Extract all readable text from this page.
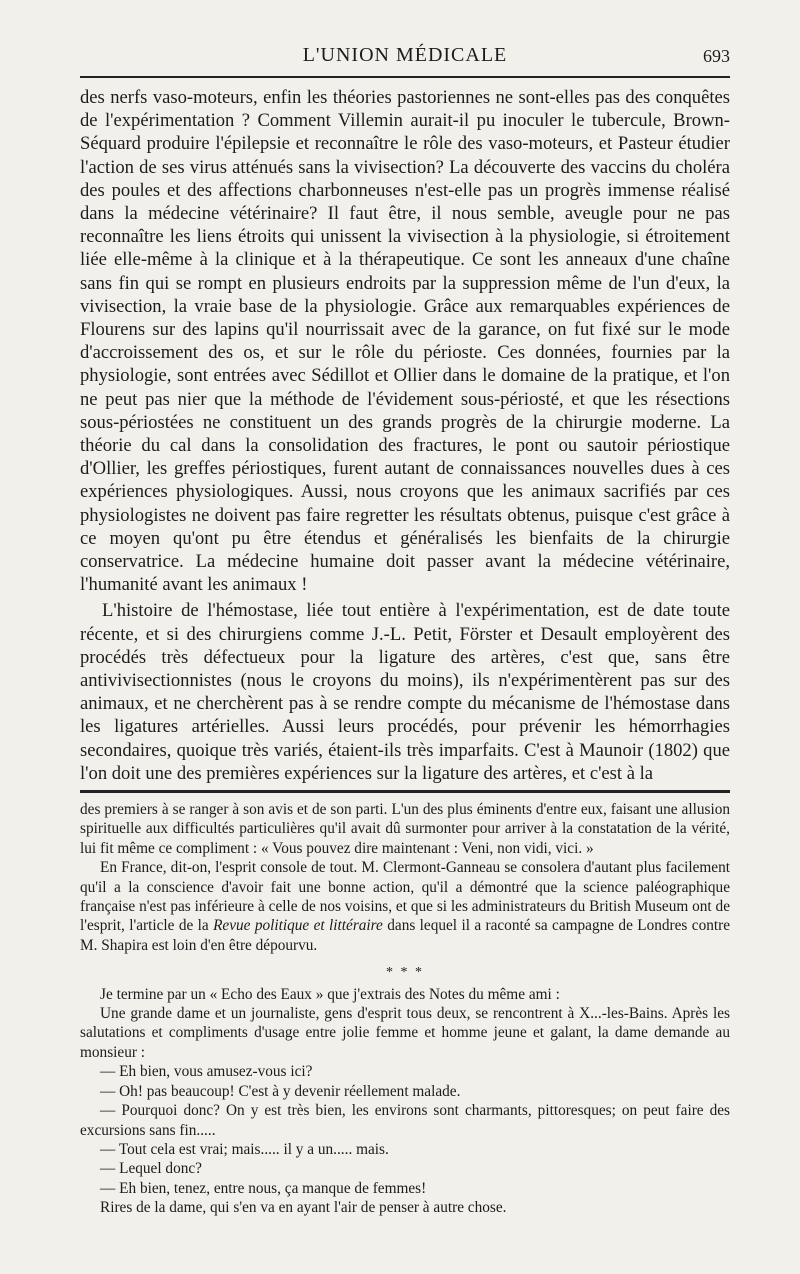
L'UNION MÉDICALE	693

des nerfs vaso-moteurs, enfin les théories pastoriennes ne sont-elles pas des conquêtes de l'expérimentation ? Comment Villemin aurait-il pu inoculer le tubercule, Brown-Séquard produire l'épilepsie et reconnaître le rôle des vaso-moteurs, et Pasteur étudier l'action de ses virus atténués sans la vivisection? La découverte des vaccins du choléra des poules et des affections charbonneuses n'est-elle pas un progrès immense réalisé dans la médecine vétérinaire? Il faut être, il nous semble, aveugle pour ne pas reconnaître les liens étroits qui unissent la vivisection à la physiologie, si étroitement liée elle-même à la clinique et à la thérapeutique. Ce sont les anneaux d'une chaîne sans fin qui se rompt en plusieurs endroits par la suppression même de l'un d'eux, la vivisection, la vraie base de la physiologie. Grâce aux remarquables expériences de Flourens sur des lapins qu'il nourrissait avec de la garance, on fut fixé sur le mode d'accroissement des os, et sur le rôle du périoste. Ces données, fournies par la physiologie, sont entrées avec Sédillot et Ollier dans le domaine de la pratique, et l'on ne peut pas nier que la méthode de l'évidement sous-périosté, et que les résections sous-périostées ne constituent un des grands progrès de la chirurgie moderne. La théorie du cal dans la consolidation des fractures, le pont ou sautoir périostique d'Ollier, les greffes périostiques, furent autant de connaissances nouvelles dues à ces expériences physiologiques. Aussi, nous croyons que les animaux sacrifiés par ces physiologistes ne doivent pas faire regretter les résultats obtenus, puisque c'est grâce à ce moyen qu'ont pu être étendus et généralisés les bienfaits de la chirurgie conservatrice. La médecine humaine doit passer avant la médecine vétérinaire, l'humanité avant les animaux !

L'histoire de l'hémostase, liée tout entière à l'expérimentation, est de date toute récente, et si des chirurgiens comme J.-L. Petit, Förster et Desault employèrent des procédés très défectueux pour la ligature des artères, c'est que, sans être antivivisectionnistes (nous le croyons du moins), ils n'expérimentèrent pas sur des animaux, et ne cherchèrent pas à se rendre compte du mécanisme de l'hémostase dans les ligatures artérielles. Aussi leurs procédés, pour prévenir les hémorrhagies secondaires, quoique très variés, étaient-ils très imparfaits. C'est à Maunoir (1802) que l'on doit une des premières expériences sur la ligature des artères, et c'est à la

des premiers à se ranger à son avis et de son parti. L'un des plus éminents d'entre eux, faisant une allusion spirituelle aux difficultés particulières qu'il avait dû surmonter pour arriver à la constatation de la vérité, lui fit même ce compliment : « Vous pouvez dire maintenant : Veni, non vidi, vici. »

En France, dit-on, l'esprit console de tout. M. Clermont-Ganneau se consolera d'autant plus facilement qu'il a la conscience d'avoir fait une bonne action, qu'il a démontré que la science paléographique française n'est pas inférieure à celle de nos voisins, et que si les administrateurs du British Museum ont de l'esprit, l'article de la Revue politique et littéraire dans lequel il a raconté sa campagne de Londres contre M. Shapira est loin d'en être dépourvu.

* * *

Je termine par un « Echo des Eaux » que j'extrais des Notes du même ami :

Une grande dame et un journaliste, gens d'esprit tous deux, se rencontrent à X...-les-Bains. Après les salutations et compliments d'usage entre jolie femme et homme jeune et galant, la dame demande au monsieur :

— Eh bien, vous amusez-vous ici?

— Oh! pas beaucoup! C'est à y devenir réellement malade.

— Pourquoi donc? On y est très bien, les environs sont charmants, pittoresques; on peut faire des excursions sans fin.....

— Tout cela est vrai; mais..... il y a un..... mais.

— Lequel donc?

— Eh bien, tenez, entre nous, ça manque de femmes!

Rires de la dame, qui s'en va en ayant l'air de penser à autre chose.
